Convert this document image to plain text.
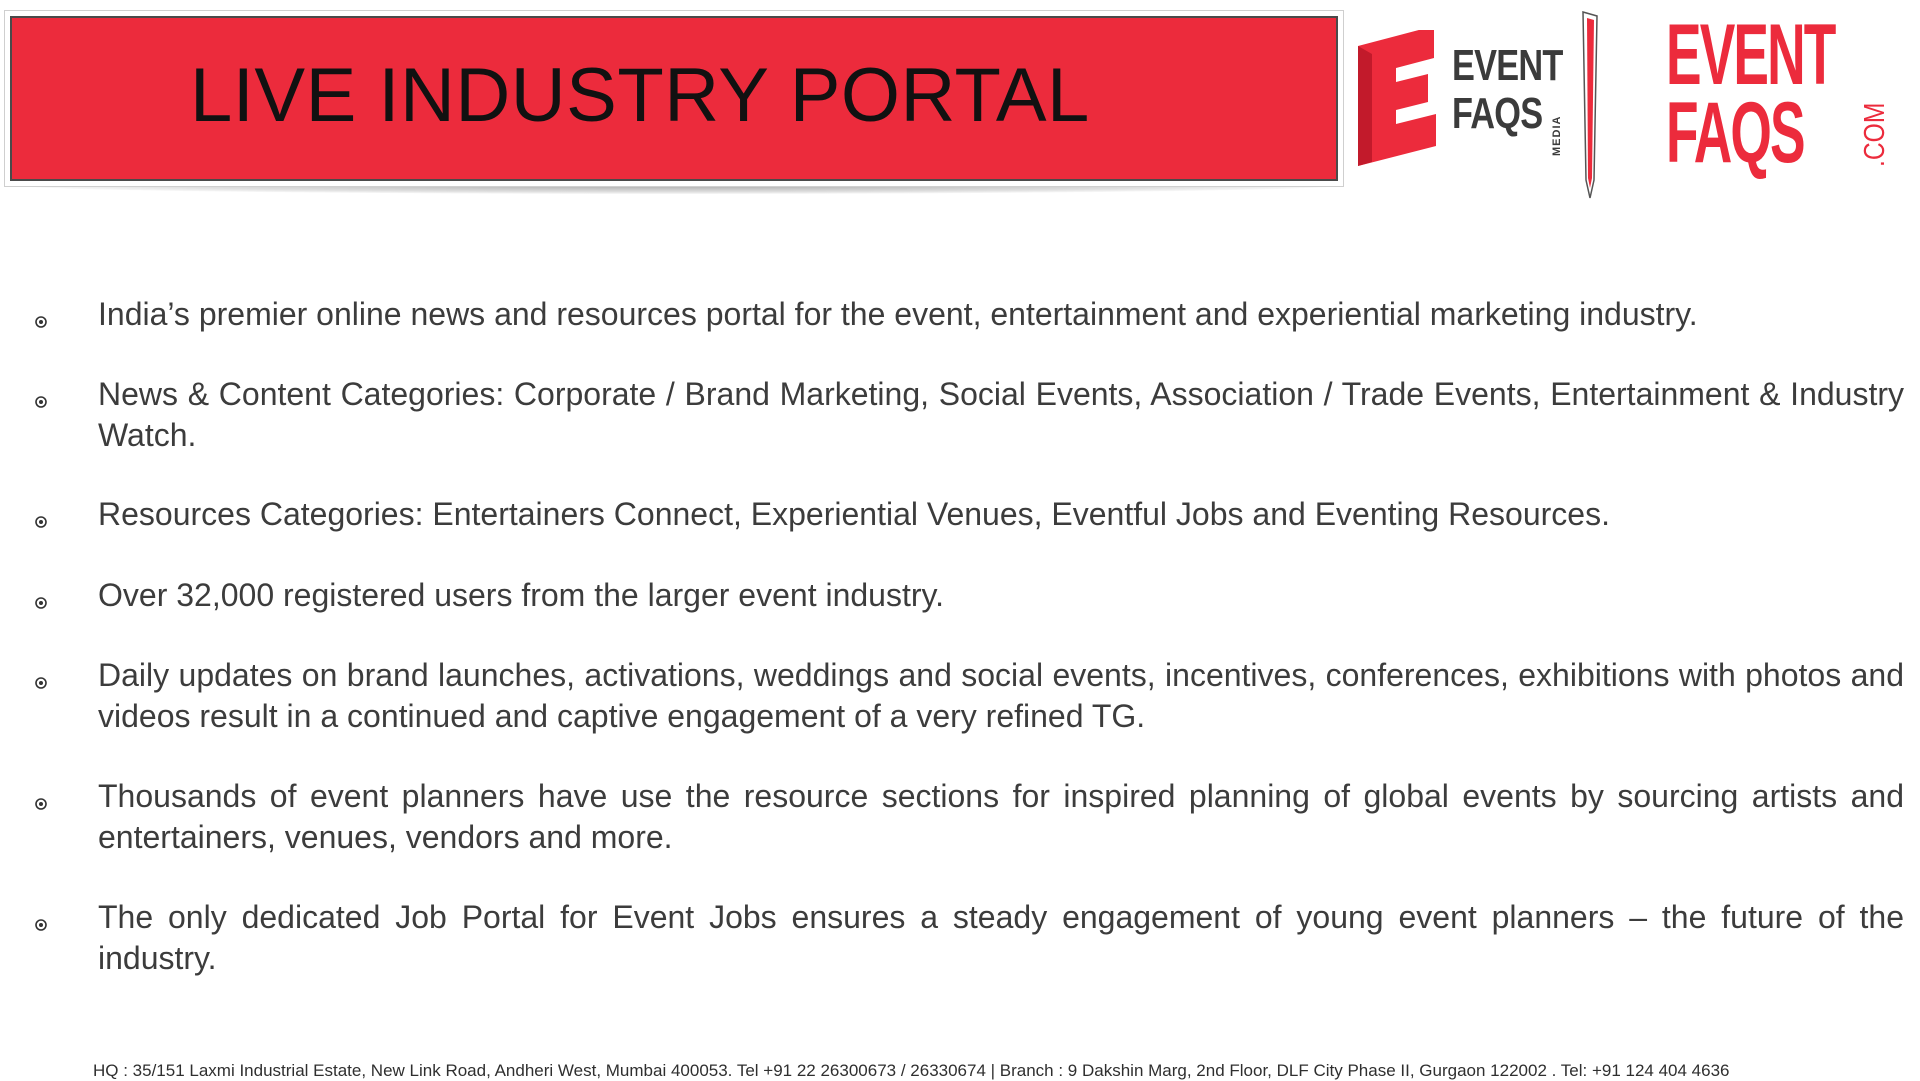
LIVE INDUSTRY PORTAL	EVENT
FAQS MEDIA
EVENT
FAQS .COM

India’s premier online news and resources portal for the event, entertainment and experiential marketing industry.

News & Content Categories: Corporate / Brand Marketing, Social Events, Association / Trade Events, Entertainment & Industry Watch.

Resources Categories: Entertainers Connect, Experiential Venues, Eventful Jobs and Eventing Resources.

Over 32,000 registered users from the larger event industry.

Daily updates on brand launches, activations, weddings and social events, incentives, conferences, exhibitions with photos and videos result in a continued and captive engagement of a very refined TG.

Thousands of event planners have use the resource sections for inspired planning of global events by sourcing artists and entertainers, venues, vendors and more.

The only dedicated Job Portal for Event Jobs ensures a steady engagement of young event planners – the future of the industry.

HQ : 35/151 Laxmi Industrial Estate, New Link Road, Andheri West, Mumbai 400053. Tel +91 22 26300673 / 26330674 | Branch : 9 Dakshin Marg, 2nd Floor, DLF City Phase II, Gurgaon 122002 . Tel: +91 124 404 4636
